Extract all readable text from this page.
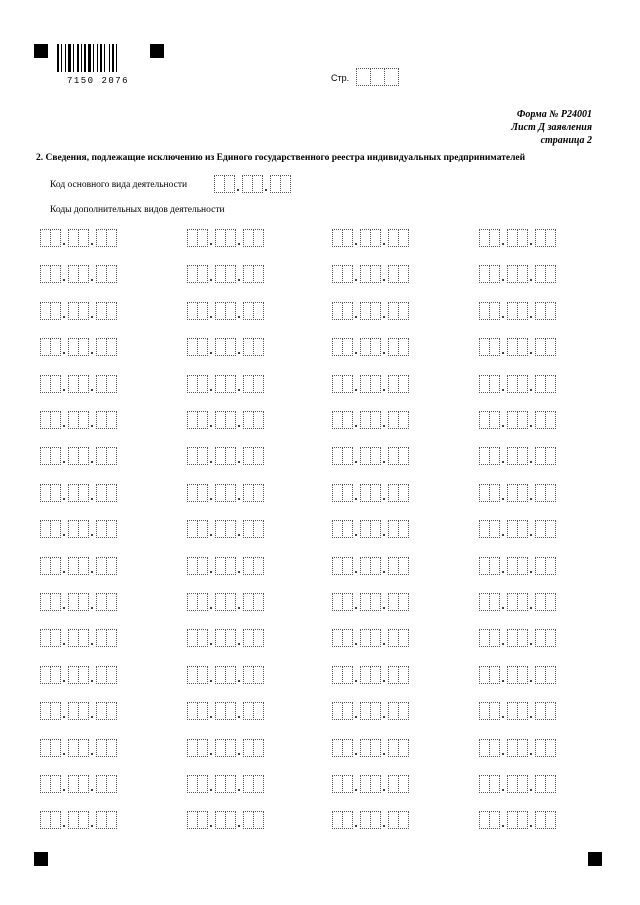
7150 2076	Стр.
Форма № Р24001
Лист Д заявления
страница 2
2. Сведения, подлежащие исключению из Единого государственного реестра индивидуальных предпринимателей
Код основного вида деятельности
Коды дополнительных видов деятельности
